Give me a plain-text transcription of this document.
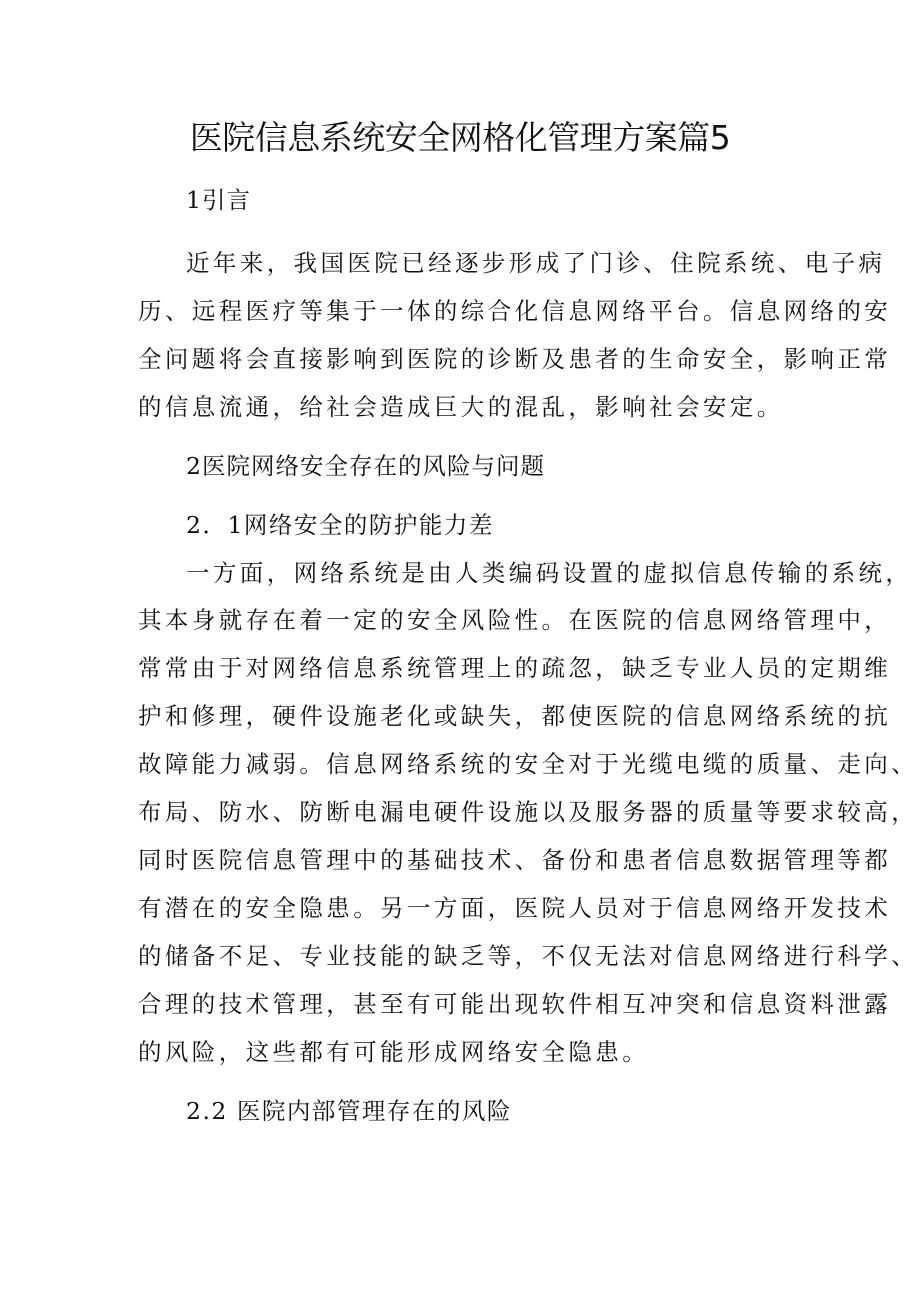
医院信息系统安全网格化管理方案篇5

1引言

近年来，我国医院已经逐步形成了门诊、住院系统、电子病

历、远程医疗等集于一体的综合化信息网络平台。信息网络的安

全问题将会直接影响到医院的诊断及患者的生命安全，影响正常

的信息流通，给社会造成巨大的混乱，影响社会安定。

2医院网络安全存在的风险与问题

2．1网络安全的防护能力差

一方面，网络系统是由人类编码设置的虚拟信息传输的系统，

其本身就存在着一定的安全风险性。在医院的信息网络管理中，

常常由于对网络信息系统管理上的疏忽，缺乏专业人员的定期维

护和修理，硬件设施老化或缺失，都使医院的信息网络系统的抗

故障能力减弱。信息网络系统的安全对于光缆电缆的质量、走向、

布局、防水、防断电漏电硬件设施以及服务器的质量等要求较高，

同时医院信息管理中的基础技术、备份和患者信息数据管理等都

有潜在的安全隐患。另一方面，医院人员对于信息网络开发技术

的储备不足、专业技能的缺乏等，不仅无法对信息网络进行科学、

合理的技术管理，甚至有可能出现软件相互冲突和信息资料泄露

的风险，这些都有可能形成网络安全隐患。

2.2 医院内部管理存在的风险
